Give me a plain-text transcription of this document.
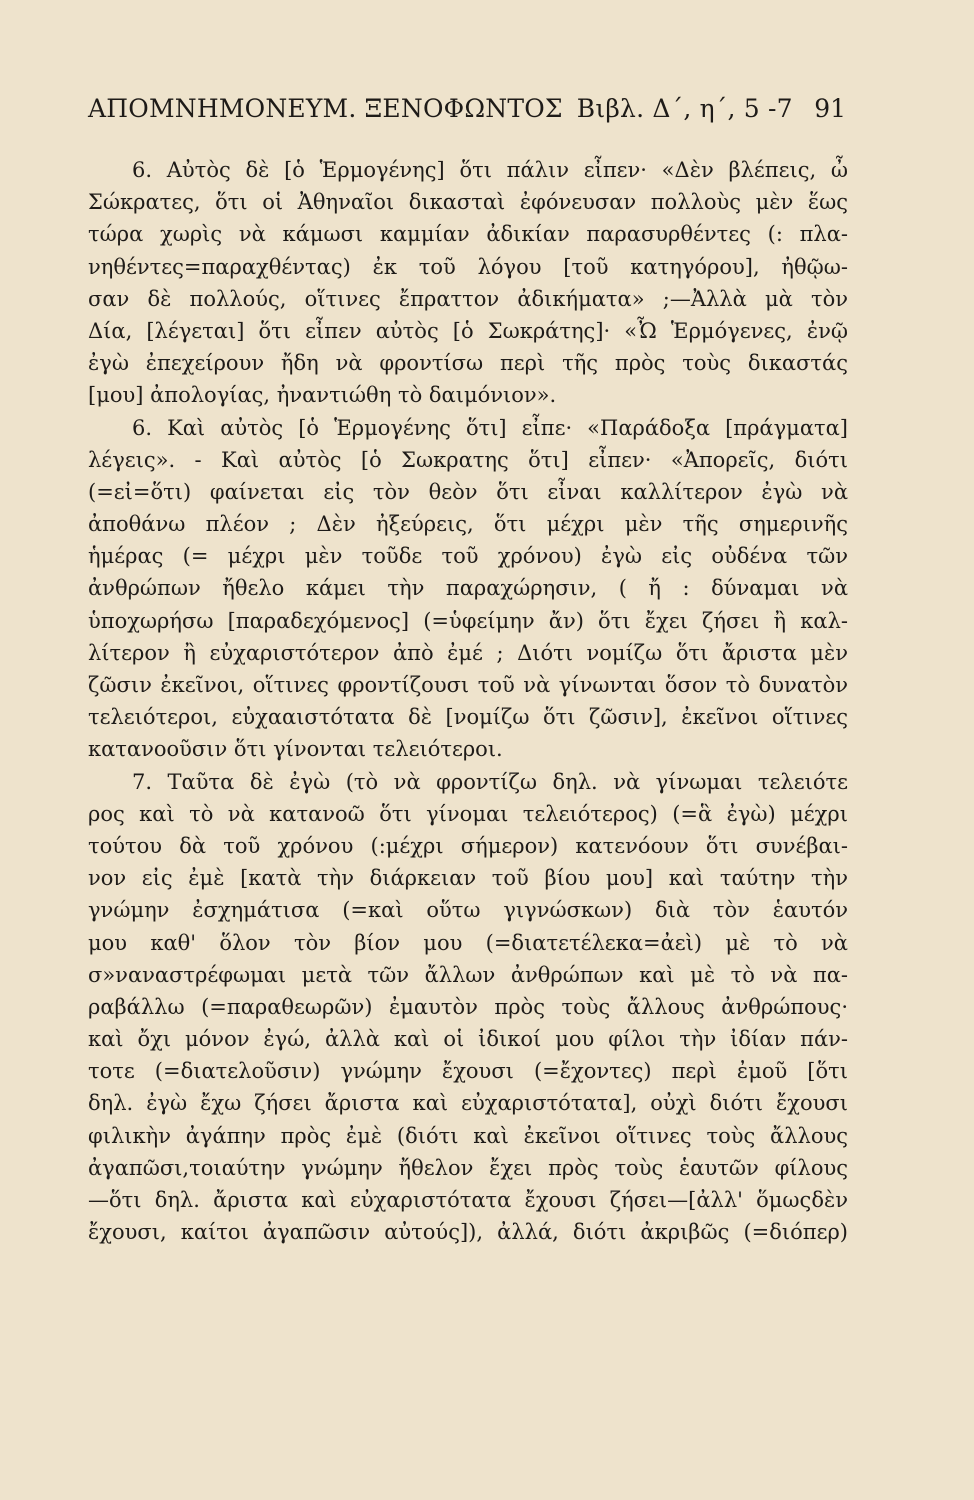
ΑΠΟΜΝΗΜΟΝΕΥΜ. ΞΕΝΟΦΩΝΤΟΣ Βιβλ. Δ΄, η΄, 5 -7 91
6. Αὐτὸς δὲ [ὁ Ἑρμογένης] ὅτι πάλιν εἶπεν· «Δὲν βλέπεις, ὦ
Σώκρατες, ὅτι οἱ Ἀθηναῖοι δικασταὶ ἐφόνευσαν πολλοὺς μὲν ἕως
τώρα χωρὶς νὰ κάμωσι καμμίαν ἀδικίαν παρασυρθέντες (: πλα-
νηθέντες=παραχθέντας) ἐκ τοῦ λόγου [τοῦ κατηγόρου], ἠθῷω-
σαν δὲ πολλούς, οἵτινες ἔπραττον ἀδικήματα» ;—Ἀλλὰ μὰ τὸν
Δία, [λέγεται] ὅτι εἶπεν αὐτὸς [ὁ Σωκράτης]· «Ὦ Ἑρμόγενες, ἐνῷ
ἐγὼ ἐπεχείρουν ἤδη νὰ φροντίσω περὶ τῆς πρὸς τοὺς δικαστάς
[μου] ἀπολογίας, ἠναντιώθη τὸ δαιμόνιον».
6. Καὶ αὐτὸς [ὁ Ἑρμογένης ὅτι] εἶπε· «Παράδοξα [πράγματα]
λέγεις». - Καὶ αὐτὸς [ὁ Σωκρατης ὅτι] εἶπεν· «Ἀπορεῖς, διότι
(=εἰ=ὅτι) φαίνεται εἰς τὸν θεὸν ὅτι εἶναι καλλίτερον ἐγὼ νὰ
ἀποθάνω πλέον ; Δὲν ἠξεύρεις, ὅτι μέχρι μὲν τῆς σημερινῆς
ἡμέρας (= μέχρι μὲν τοῦδε τοῦ χρόνου) ἐγὼ εἰς οὐδένα τῶν
ἀνθρώπων ἤθελο κάμει τὴν παραχώρησιν, ( ἤ : δύναμαι νὰ
ὑποχωρήσω [παραδεχόμενος] (=ὑφείμην ἄν) ὅτι ἔχει ζήσει ἢ καλ-
λίτερον ἢ εὐχαριστότερον ἀπὸ ἐμέ ; Διότι νομίζω ὅτι ἄριστα μὲν
ζῶσιν ἐκεῖνοι, οἵτινες φροντίζουσι τοῦ νὰ γίνωνται ὅσον τὸ δυνατὸν
τελειότεροι, εὐχααιστότατα δὲ [νομίζω ὅτι ζῶσιν], ἐκεῖνοι οἵτινες
κατανοοῦσιν ὅτι γίνονται τελειότεροι.
7. Ταῦτα δὲ ἐγὼ (τὸ νὰ φροντίζω δηλ. νὰ γίνωμαι τελειότε
ρος καὶ τὸ νὰ κατανοῶ ὅτι γίνομαι τελειότερος) (=ἃ ἐγὼ) μέχρι
τούτου δὰ τοῦ χρόνου (:μέχρι σήμερον) κατενόουν ὅτι συνέβαι-
νον εἰς ἐμὲ [κατὰ τὴν διάρκειαν τοῦ βίου μου] καὶ ταύτην τὴν
γνώμην ἐσχημάτισα (=καὶ οὕτω γιγνώσκων) διὰ τὸν ἑαυτόν
μου καθ' ὅλον τὸν βίον μου (=διατετέλεκα=ἀεὶ) μὲ τὸ νὰ
σ»ναναστρέφωμαι μετὰ τῶν ἄλλων ἀνθρώπων καὶ μὲ τὸ νὰ πα-
ραβάλλω (=παραθεωρῶν) ἐμαυτὸν πρὸς τοὺς ἄλλους ἀνθρώπους·
καὶ ὄχι μόνον ἐγώ, ἀλλὰ καὶ οἱ ἰδικοί μου φίλοι τὴν ἰδίαν πάν-
τοτε (=διατελοῦσιν) γνώμην ἔχουσι (=ἔχοντες) περὶ ἐμοῦ [ὅτι
δηλ. ἐγὼ ἔχω ζήσει ἄριστα καὶ εὐχαριστότατα], οὐχὶ διότι ἔχουσι
φιλικὴν ἀγάπην πρὸς ἐμὲ (διότι καὶ ἐκεῖνοι οἵτινες τοὺς ἄλλους
ἀγαπῶσι,τοιαύτην γνώμην ἤθελον ἔχει πρὸς τοὺς ἑαυτῶν φίλους
—ὅτι δηλ. ἄριστα καὶ εὐχαριστότατα ἔχουσι ζήσει—[ἀλλ' ὅμωςδὲν
ἔχουσι, καίτοι ἀγαπῶσιν αὐτούς]), ἀλλά, διότι ἀκριβῶς (=διόπερ)
